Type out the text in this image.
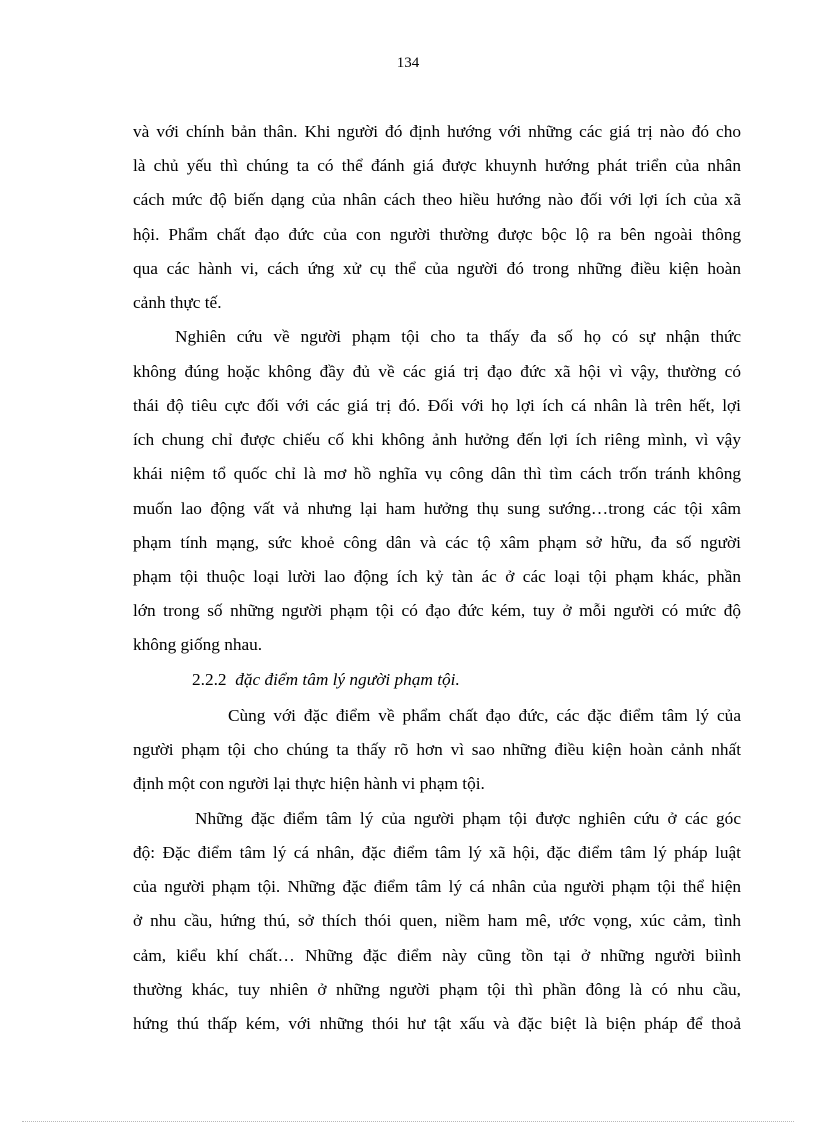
134
và với chính bản thân. Khi người đó định hướng với những các giá trị nào đó cho
là chủ yếu thì chúng ta có thể đánh giá được khuynh hướng phát triển của nhân
cách mức độ biến dạng của nhân cách theo hiều hướng nào đối với lợi ích của xã
hội. Phẩm chất đạo đức của con người thường được bộc lộ ra bên ngoài thông
qua các hành vi, cách ứng xử cụ thể của người đó trong những điều kiện hoàn
cảnh thực tế.
Nghiên cứu về người phạm tội cho ta thấy đa số họ có sự nhận thức
không đúng hoặc không đầy đủ về các giá trị đạo đức xã hội vì vậy, thường có
thái độ tiêu cực đối với các giá trị đó. Đối với họ lợi ích cá nhân là trên hết, lợi
ích chung chỉ được chiếu cố khi không ảnh hưởng đến lợi ích riêng mình, vì vậy
khái niệm tổ quốc chỉ là mơ hồ nghĩa vụ công dân thì tìm cách trốn tránh không
muốn lao động vất vả nhưng lại ham hưởng thụ sung sướng…trong các tội xâm
phạm tính mạng, sức khoẻ công dân và các tộ xâm phạm sở hữu, đa số người
phạm tội thuộc loại lười lao động ích kỷ tàn ác ở các loại tội phạm khác, phần
lớn trong số những người phạm tội có đạo đức kém, tuy ở mỗi người có mức độ
không giống nhau.
2.2.2 đặc điểm tâm lý người phạm tội.
Cùng với đặc điểm về phẩm chất đạo đức, các đặc điểm tâm lý của
người phạm tội cho chúng ta thấy rõ hơn vì sao những điều kiện hoàn cảnh nhất
định một con người lại thực hiện hành vi phạm tội.
Những đặc điểm tâm lý của người phạm tội được nghiên cứu ở các góc
độ: Đặc điểm tâm lý cá nhân, đặc điểm tâm lý xã hội, đặc điểm tâm lý pháp luật
của người phạm tội. Những đặc điểm tâm lý cá nhân của người phạm tội thể hiện
ở nhu cầu, hứng thú, sở thích thói quen, niềm ham mê, ước vọng, xúc cảm, tình
cảm, kiểu khí chất… Những đặc điểm này cũng tồn tại ở những người biình
thường khác, tuy nhiên ở những người phạm tội thì phần đông là có nhu cầu,
hứng thú thấp kém, với những thói hư tật xấu và đặc biệt là biện pháp để thoả
